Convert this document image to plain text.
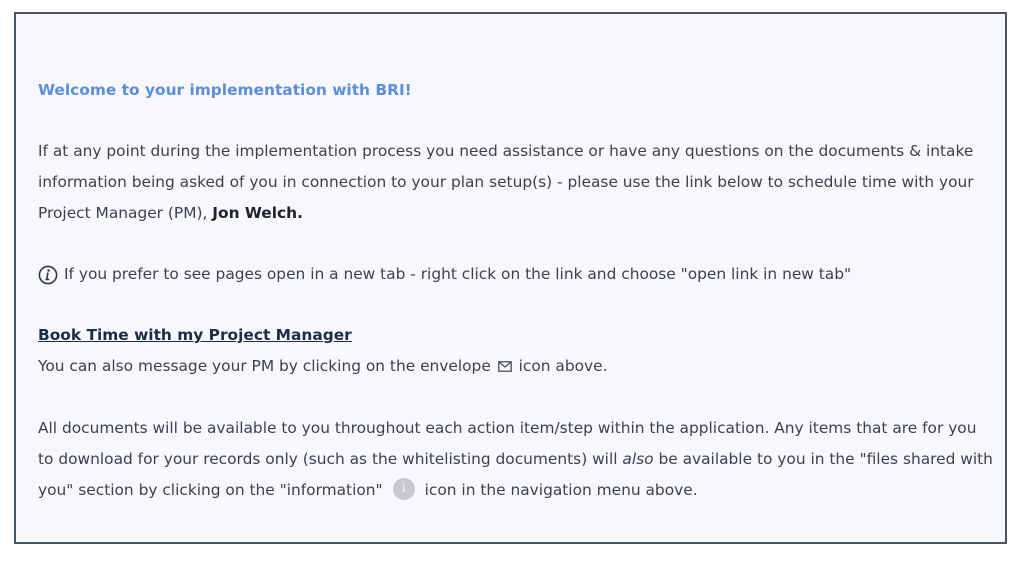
Welcome to your implementation with BRI!

If at any point during the implementation process you need assistance or have any questions on the documents & intake information being asked of you in connection to your plan setup(s) - please use the link below to schedule time with your Project Manager (PM), Jon Welch.

If you prefer to see pages open in a new tab - right click on the link and choose "open link in new tab"

Book Time with my Project Manager

You can also message your PM by clicking on the envelope icon above.

All documents will be available to you throughout each action item/step within the application. Any items that are for you to download for your records only (such as the whitelisting documents) will also be available to you in the "files shared with you" section by clicking on the "information"i	icon in the navigation menu above.
